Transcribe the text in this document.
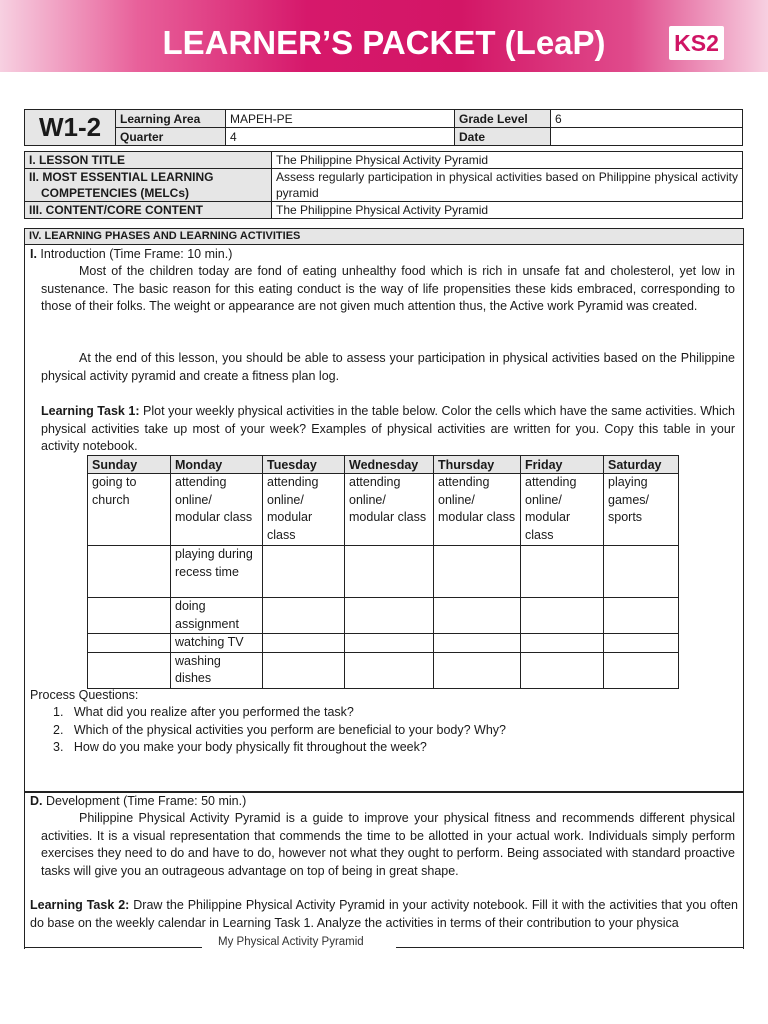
LEARNER’S PACKET (LeaP)	KS2
W1-2	Learning Area	MAPEH-PE	Grade Level	6
	Quarter	4	Date	
I. LESSON TITLE	The Philippine Physical Activity Pyramid

II. MOST ESSENTIAL LEARNING
COMPETENCIES (MELCs)	Assess regularly participation in physical activities based on Philippine physical activity pyramid
III. CONTENT/CORE CONTENT	The Philippine Physical Activity Pyramid
IV. LEARNING PHASES AND LEARNING ACTIVITIES
I. Introduction (Time Frame: 10 min.)
Most of the children today are fond of eating unhealthy food which is rich in unsafe fat and cholesterol, yet low in sustenance. The basic reason for this eating conduct is the way of life propensities these kids embraced, corresponding to those of their folks. The weight or appearance are not given much attention thus, the Active work Pyramid was created.
At the end of this lesson, you should be able to assess your participation in physical activities based on the Philippine physical activity pyramid and create a fitness plan log.
Learning Task 1: Plot your weekly physical activities in the table below. Color the cells which have the same activities. Which physical activities take up most of your week? Examples of physical activities are written for you. Copy this table in your activity notebook.
Sunday	Monday	Tuesday	Wednesday	Thursday	Friday	Saturday
going to church	attending online/ modular class	attending online/ modular class	attending online/ modular class	attending online/ modular class	attending online/ modular class	playing games/ sports
	playing during recess time					
	doing assignment					
	watching TV					
	washing dishes					
Process Questions:
1.   What did you realize after you performed the task?
2.   Which of the physical activities you perform are beneficial to your body? Why?
3.   How do you make your body physically fit throughout the week?
D. Development (Time Frame: 50 min.)
Philippine Physical Activity Pyramid is a guide to improve your physical fitness and recommends different physical activities. It is a visual representation that commends the time to be allotted in your actual work. Individuals simply perform exercises they need to do and have to do, however not what they ought to perform. Being associated with standard proactive tasks will give you an outrageous advantage on top of being in great shape.
Learning Task 2: Draw the Philippine Physical Activity Pyramid in your activity notebook. Fill it with the activities that you often do base on the weekly calendar in Learning Task 1. Analyze the activities in terms of their contribution to your physica
My Physical Activity Pyramid
